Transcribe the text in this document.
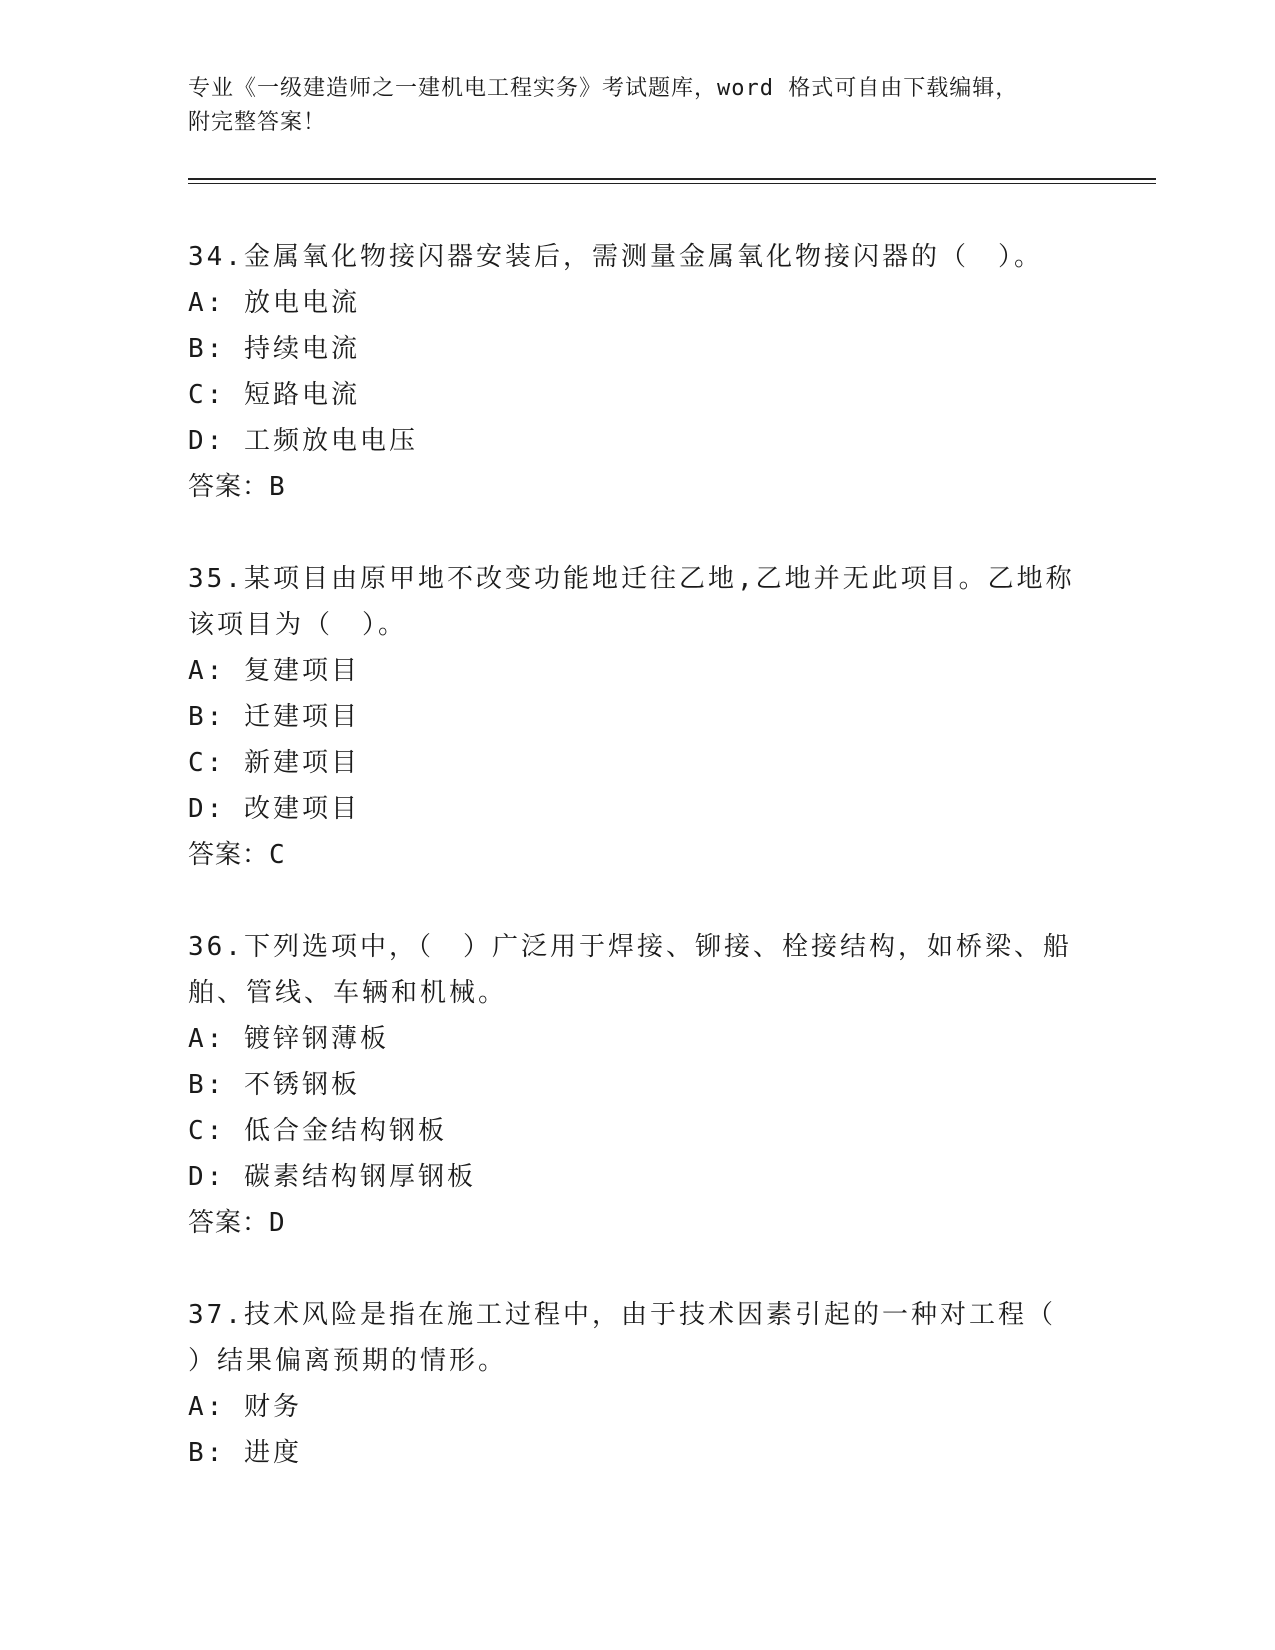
专业《一级建造师之一建机电工程实务》考试题库，word 格式可自由下载编辑，
附完整答案！
34.金属氧化物接闪器安装后，需测量金属氧化物接闪器的（　）。
A: 放电电流
B: 持续电流
C: 短路电流
D: 工频放电电压
答案：B
35.某项目由原甲地不改变功能地迁往乙地,乙地并无此项目。乙地称
该项目为（　）。
A: 复建项目
B: 迁建项目
C: 新建项目
D: 改建项目
答案：C
36.下列选项中，（　）广泛用于焊接、铆接、栓接结构，如桥梁、船
舶、管线、车辆和机械。
A: 镀锌钢薄板
B: 不锈钢板
C: 低合金结构钢板
D: 碳素结构钢厚钢板
答案：D
37.技术风险是指在施工过程中，由于技术因素引起的一种对工程（
）结果偏离预期的情形。
A: 财务
B: 进度
